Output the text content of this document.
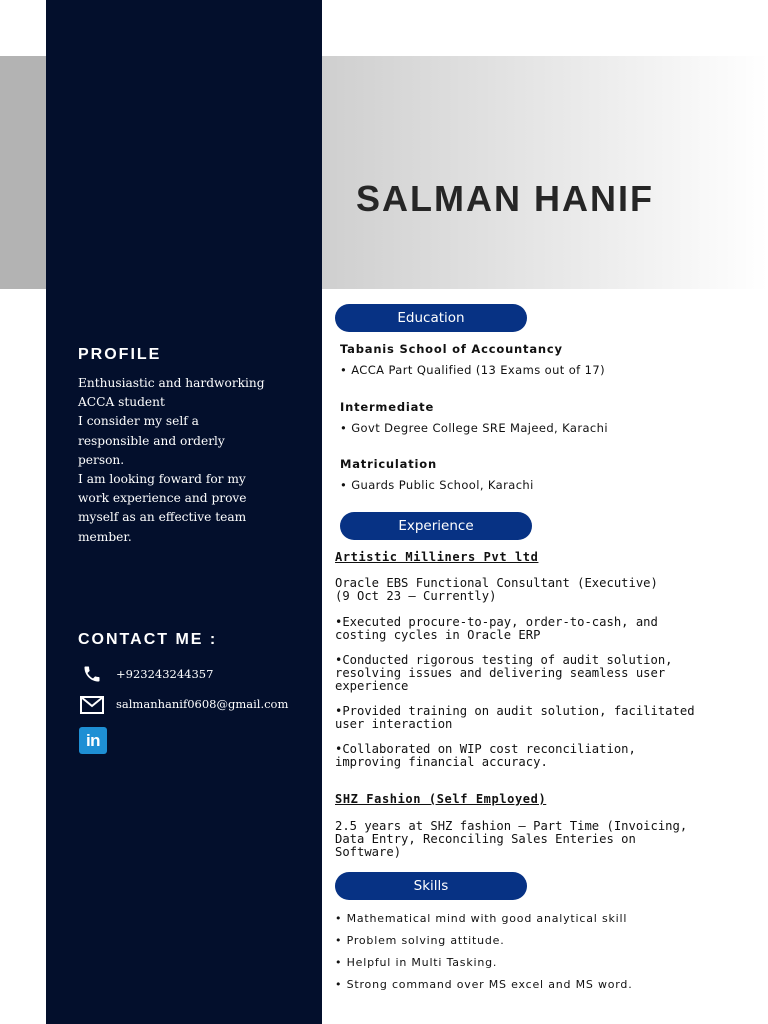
SALMAN HANIF
PROFILE
Enthusiastic and hardworking
ACCA student
I consider my self a
responsible and orderly
person.
I am looking foward for my
work experience and prove
myself as an effective team
member.
CONTACT ME :
+923243244357
salmanhanif0608@gmail.com
in
Education
Tabanis School of Accountancy
• ACCA Part Qualified (13 Exams out of 17)
Intermediate
• Govt Degree College SRE Majeed, Karachi
Matriculation
• Guards Public School, Karachi
Experience
Artistic Milliners Pvt ltd
Oracle EBS Functional Consultant (Executive)
(9 Oct 23 – Currently)
•Executed procure-to-pay, order-to-cash, and
costing cycles in Oracle ERP
•Conducted rigorous testing of audit solution,
resolving issues and delivering seamless user
experience
•Provided training on audit solution, facilitated
user interaction
•Collaborated on WIP cost reconciliation,
improving financial accuracy.
SHZ Fashion (Self Employed)
2.5 years at SHZ fashion – Part Time (Invoicing,
Data Entry, Reconciling Sales Enteries on
Software)
Skills
• Mathematical mind with good analytical skill
• Problem solving attitude.
• Helpful in Multi Tasking.
• Strong command over MS excel and MS word.
